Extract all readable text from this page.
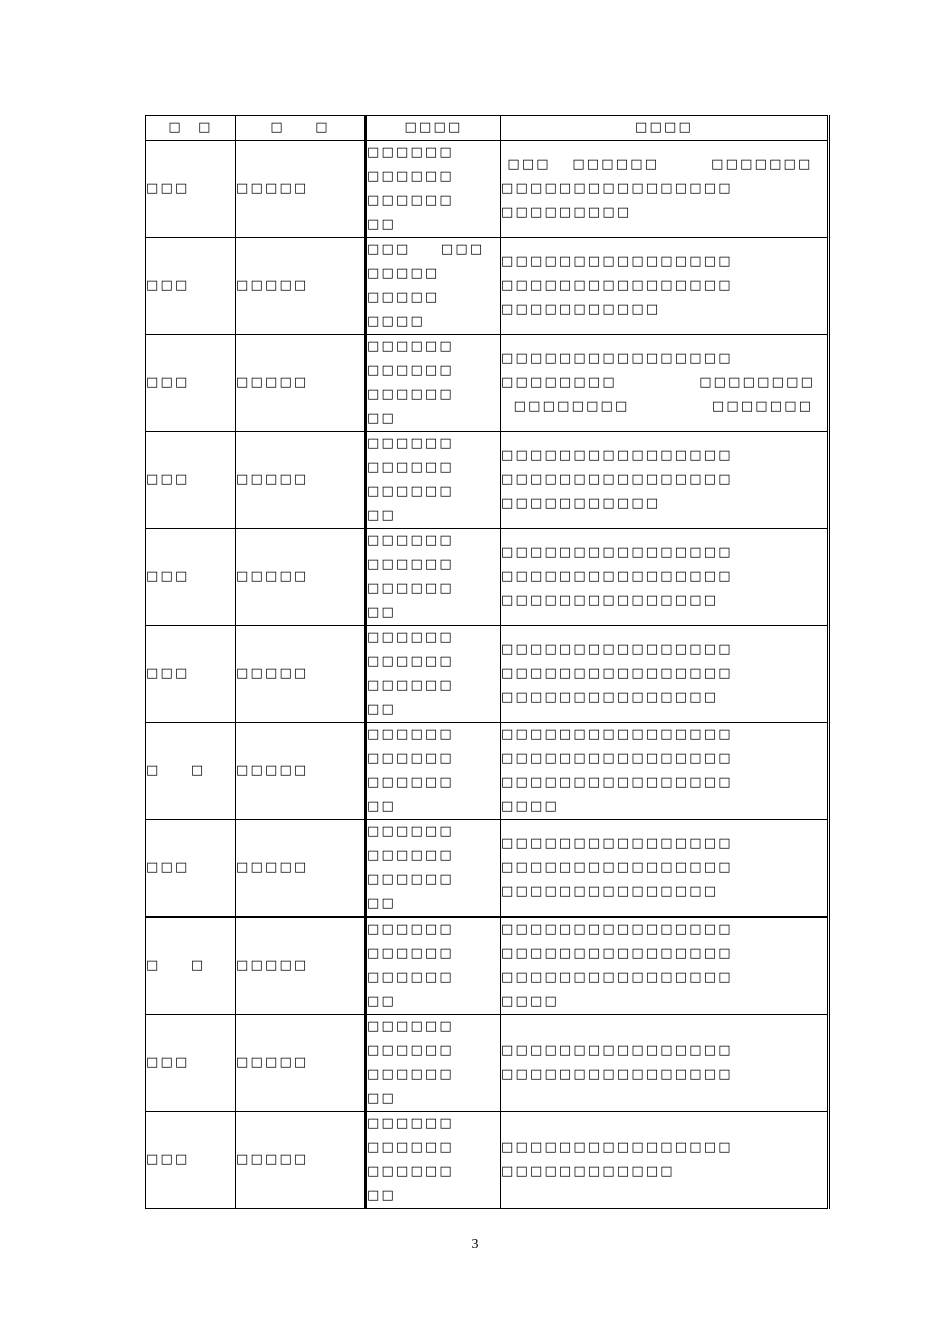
□　□	□　　□	□□□□	□□□□
□□□	□□□□□	□□□□□□
□□□□□□
□□□□□□
□□	□□□　 □□□□□□　　　 □□□□□□□
□□□□□□□□□□□□□□□□
□□□□□□□□□

□□□	□□□□□	□□□　　□□□
□□□□□
□□□□□
□□□□	□□□□□□□□□□□□□□□□
□□□□□□□□□□□□□□□□
□□□□□□□□□□□

□□□	□□□□□	□□□□□□
□□□□□□
□□□□□□
□□	□□□□□□□□□□□□□□□□
□□□□□□□□　　　　　 □□□□□□□□
□□□□□□□□　　　　　 □□□□□□□

□□□	□□□□□	□□□□□□
□□□□□□
□□□□□□
□□	□□□□□□□□□□□□□□□□
□□□□□□□□□□□□□□□□
□□□□□□□□□□□

□□□	□□□□□	□□□□□□
□□□□□□
□□□□□□
□□	□□□□□□□□□□□□□□□□
□□□□□□□□□□□□□□□□
□□□□□□□□□□□□□□□

□□□	□□□□□	□□□□□□
□□□□□□
□□□□□□
□□	□□□□□□□□□□□□□□□□
□□□□□□□□□□□□□□□□
□□□□□□□□□□□□□□□

□　　□	□□□□□	□□□□□□
□□□□□□
□□□□□□
□□	□□□□□□□□□□□□□□□□
□□□□□□□□□□□□□□□□
□□□□□□□□□□□□□□□□
□□□□

□□□	□□□□□	□□□□□□
□□□□□□
□□□□□□
□□	□□□□□□□□□□□□□□□□
□□□□□□□□□□□□□□□□
□□□□□□□□□□□□□□□

□　　□	□□□□□	□□□□□□
□□□□□□
□□□□□□
□□	□□□□□□□□□□□□□□□□
□□□□□□□□□□□□□□□□
□□□□□□□□□□□□□□□□
□□□□

□□□	□□□□□	□□□□□□
□□□□□□
□□□□□□
□□	□□□□□□□□□□□□□□□□
□□□□□□□□□□□□□□□□

□□□	□□□□□	□□□□□□
□□□□□□
□□□□□□
□□	□□□□□□□□□□□□□□□□
□□□□□□□□□□□□
3
